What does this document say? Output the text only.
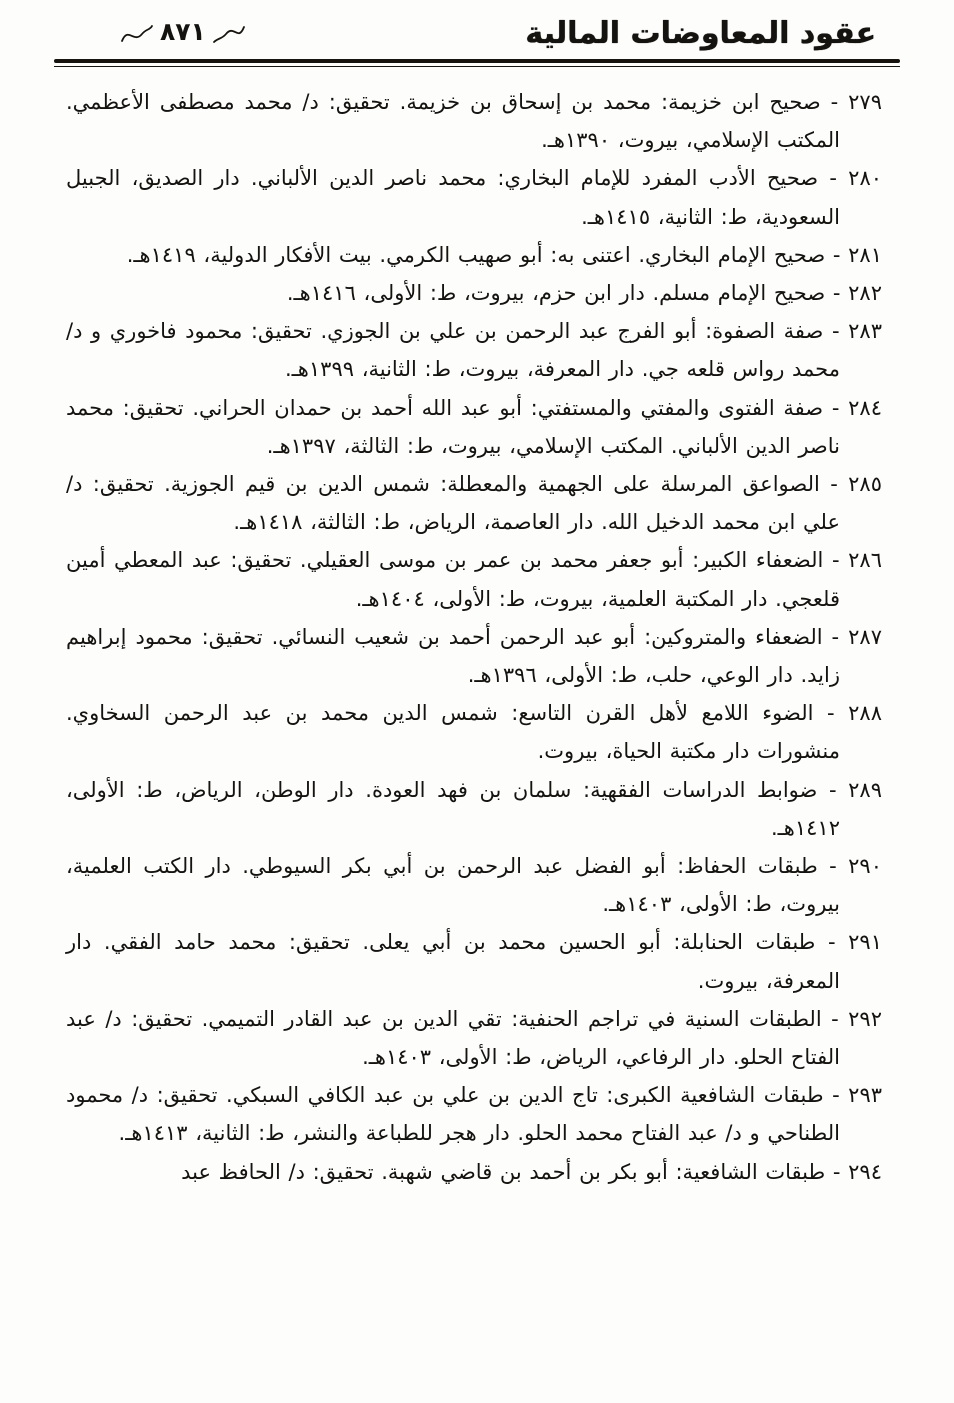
عقود المعاوضات المالية
٨٧١

٢٧٩ - صحيح ابن خزيمة: محمد بن إسحاق بن خزيمة. تحقيق: د/ محمد مصطفى الأعظمي. المكتب الإسلامي، بيروت، ١٣٩٠هـ.

٢٨٠ - صحيح الأدب المفرد للإمام البخاري: محمد ناصر الدين الألباني. دار الصديق، الجبيل السعودية، ط: الثانية، ١٤١٥هـ.

٢٨١ - صحيح الإمام البخاري. اعتنى به: أبو صهيب الكرمي. بيت الأفكار الدولية، ١٤١٩هـ.

٢٨٢ - صحيح الإمام مسلم. دار ابن حزم، بيروت، ط: الأولى، ١٤١٦هـ.

٢٨٣ - صفة الصفوة: أبو الفرج عبد الرحمن بن علي بن الجوزي. تحقيق: محمود فاخوري و د/ محمد رواس قلعه جي. دار المعرفة، بيروت، ط: الثانية، ١٣٩٩هـ.

٢٨٤ - صفة الفتوى والمفتي والمستفتي: أبو عبد الله أحمد بن حمدان الحراني. تحقيق: محمد ناصر الدين الألباني. المكتب الإسلامي، بيروت، ط: الثالثة، ١٣٩٧هـ.

٢٨٥ - الصواعق المرسلة على الجهمية والمعطلة: شمس الدين بن قيم الجوزية. تحقيق: د/ علي ابن محمد الدخيل الله. دار العاصمة، الرياض، ط: الثالثة، ١٤١٨هـ.

٢٨٦ - الضعفاء الكبير: أبو جعفر محمد بن عمر بن موسى العقيلي. تحقيق: عبد المعطي أمين قلعجي. دار المكتبة العلمية، بيروت، ط: الأولى، ١٤٠٤هـ.

٢٨٧ - الضعفاء والمتروكين: أبو عبد الرحمن أحمد بن شعيب النسائي. تحقيق: محمود إبراهيم زايد. دار الوعي، حلب، ط: الأولى، ١٣٩٦هـ.

٢٨٨ - الضوء اللامع لأهل القرن التاسع: شمس الدين محمد بن عبد الرحمن السخاوي. منشورات دار مكتبة الحياة، بيروت.

٢٨٩ - ضوابط الدراسات الفقهية: سلمان بن فهد العودة. دار الوطن، الرياض، ط: الأولى، ١٤١٢هـ.

٢٩٠ - طبقات الحفاظ: أبو الفضل عبد الرحمن بن أبي بكر السيوطي. دار الكتب العلمية، بيروت، ط: الأولى، ١٤٠٣هـ.

٢٩١ - طبقات الحنابلة: أبو الحسين محمد بن أبي يعلى. تحقيق: محمد حامد الفقي. دار المعرفة، بيروت.

٢٩٢ - الطبقات السنية في تراجم الحنفية: تقي الدين بن عبد القادر التميمي. تحقيق: د/ عبد الفتاح الحلو. دار الرفاعي، الرياض، ط: الأولى، ١٤٠٣هـ.

٢٩٣ - طبقات الشافعية الكبرى: تاج الدين بن علي بن عبد الكافي السبكي. تحقيق: د/ محمود الطناحي و د/ عبد الفتاح محمد الحلو. دار هجر للطباعة والنشر، ط: الثانية، ١٤١٣هـ.

٢٩٤ - طبقات الشافعية: أبو بكر بن أحمد بن قاضي شهبة. تحقيق: د/ الحافظ عبد
